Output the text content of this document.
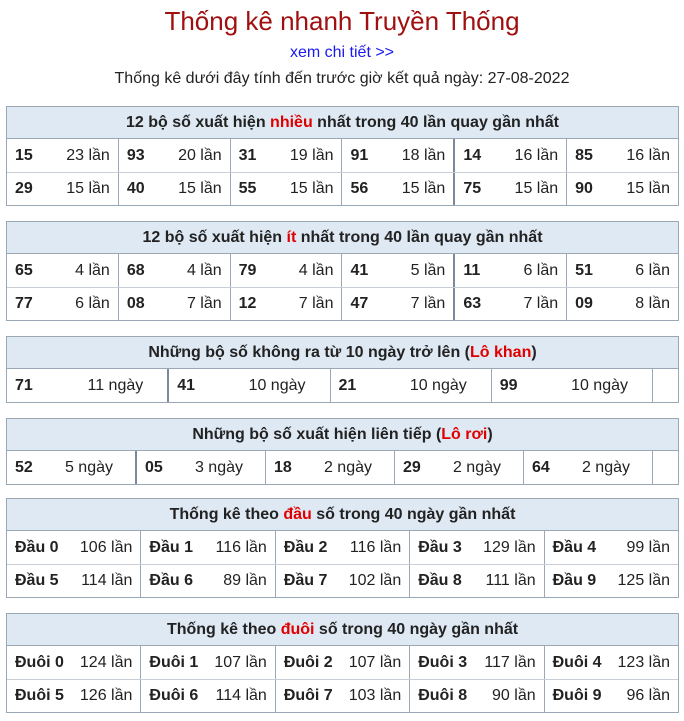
Thống kê nhanh Truyền Thống
xem chi tiết >>
Thống kê dưới đây tính đến trước giờ kết quả ngày: 27-08-2022
12 bộ số xuất hiện nhiều nhất trong 40 lần quay gần nhất
15 23 lần 93 20 lần 31 19 lần 91 18 lần 14 16 lần 85 16 lần
29 15 lần 40 15 lần 55 15 lần 56 15 lần 75 15 lần 90 15 lần
12 bộ số xuất hiện ít nhất trong 40 lần quay gần nhất
65	4 lần 68	4 lần 79	4 lần 41	5 lần 11	6 lần 51	6 lần
77	6 lần 08	7 lần 12	7 lần 47	7 lần 63	7 lần 09	8 lần
Những bộ số không ra từ 10 ngày trở lên (Lô khan)
71	11 ngày 41	10 ngày 21	10 ngày 99	10 ngày
Những bộ số xuất hiện liên tiếp (Lô rơi)
52 5 ngày 05 3 ngày 18 2 ngày 29 2 ngày 64 2 ngày
Thống kê theo đầu số trong 40 ngày gần nhất
Đầu 0 106 lần Đầu 1 116 lần Đầu 2 116 lần Đầu 3 129 lần Đầu 4 99 lần
Đầu 5 114 lần Đầu 6 89 lần Đầu 7 102 lần Đầu 8 111 lần Đầu 9 125 lần
Thống kê theo đuôi số trong 40 ngày gần nhất
Đuôi 0 124 lần Đuôi 1 107 lần Đuôi 2 107 lần Đuôi 3 117 lần Đuôi 4 123 lần
Đuôi 5 126 lần Đuôi 6 114 lần Đuôi 7 103 lần Đuôi 8 90 lần Đuôi 9 96 lần
